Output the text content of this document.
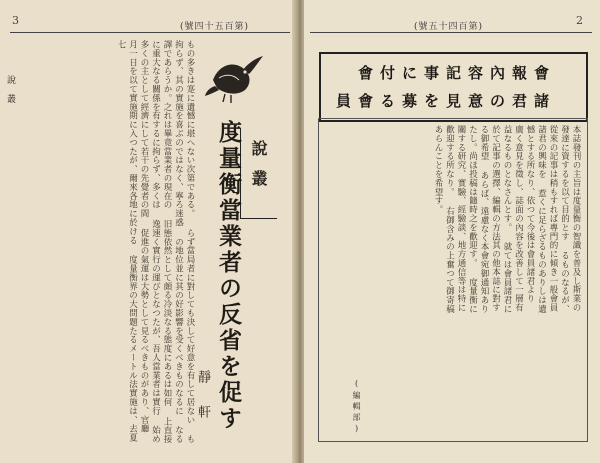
3	(號四十五百第)
說叢	もの多きは寔に遺憾に堪へない次第である。 らず當局者に對しても決して好意を有して居ない も拘らず、其の實施を喜ぶのではなく、寧ろ迷惑 の地位並に其の好影響を受くべきものなるに なる譯であらうか。之れは畢竟當業者の現在の 旧態依然として頗る冷淡なる態度にあるは如何 上直接に重大なる關係を有するに拘らず、多くは 逸速く實行の運びとなつたが、吾人當業者は實行 始め多くの主として經濟にして若干の先覺者の間 促進の氣運は大勢として見るべきものがあり、官廳 月一日を以て實施期に入つたが、爾來各地に於ける 度量衡界の大問題たるメートル法實施は、去夏七
說叢
度量衡當業者の反省を促す
靜軒
2
(號五十四百第)
會付に事記容內報會
員會る募を見意の君諸
本誌發刊の主旨は度量衡の智識を普及し斯業の發達に資するを以て目的とす るものなるが、從來の記事は稍もすれば專門的に傾き一般會員諸君の興味を 惹くに足らざるものありしは遺憾とする所なり、依つて今後は會員諸君より 廣く意見を徵し、誌面の內容を改善して一層有益なるものとなさんとす。 就ては會員諸君に於て記事の選擇、編輯の方法其の他本誌に對する御希望 あらば、遠慮なく本會宛御通知ありたし。尚ほ投稿は隨時之を歡迎す。 度量衡に關する研究、實驗、經驗談、地方通信等は特に歡迎する所なり。 右御含みの上奮つて御寄稿あらんことを希望す。
(編輯部)
